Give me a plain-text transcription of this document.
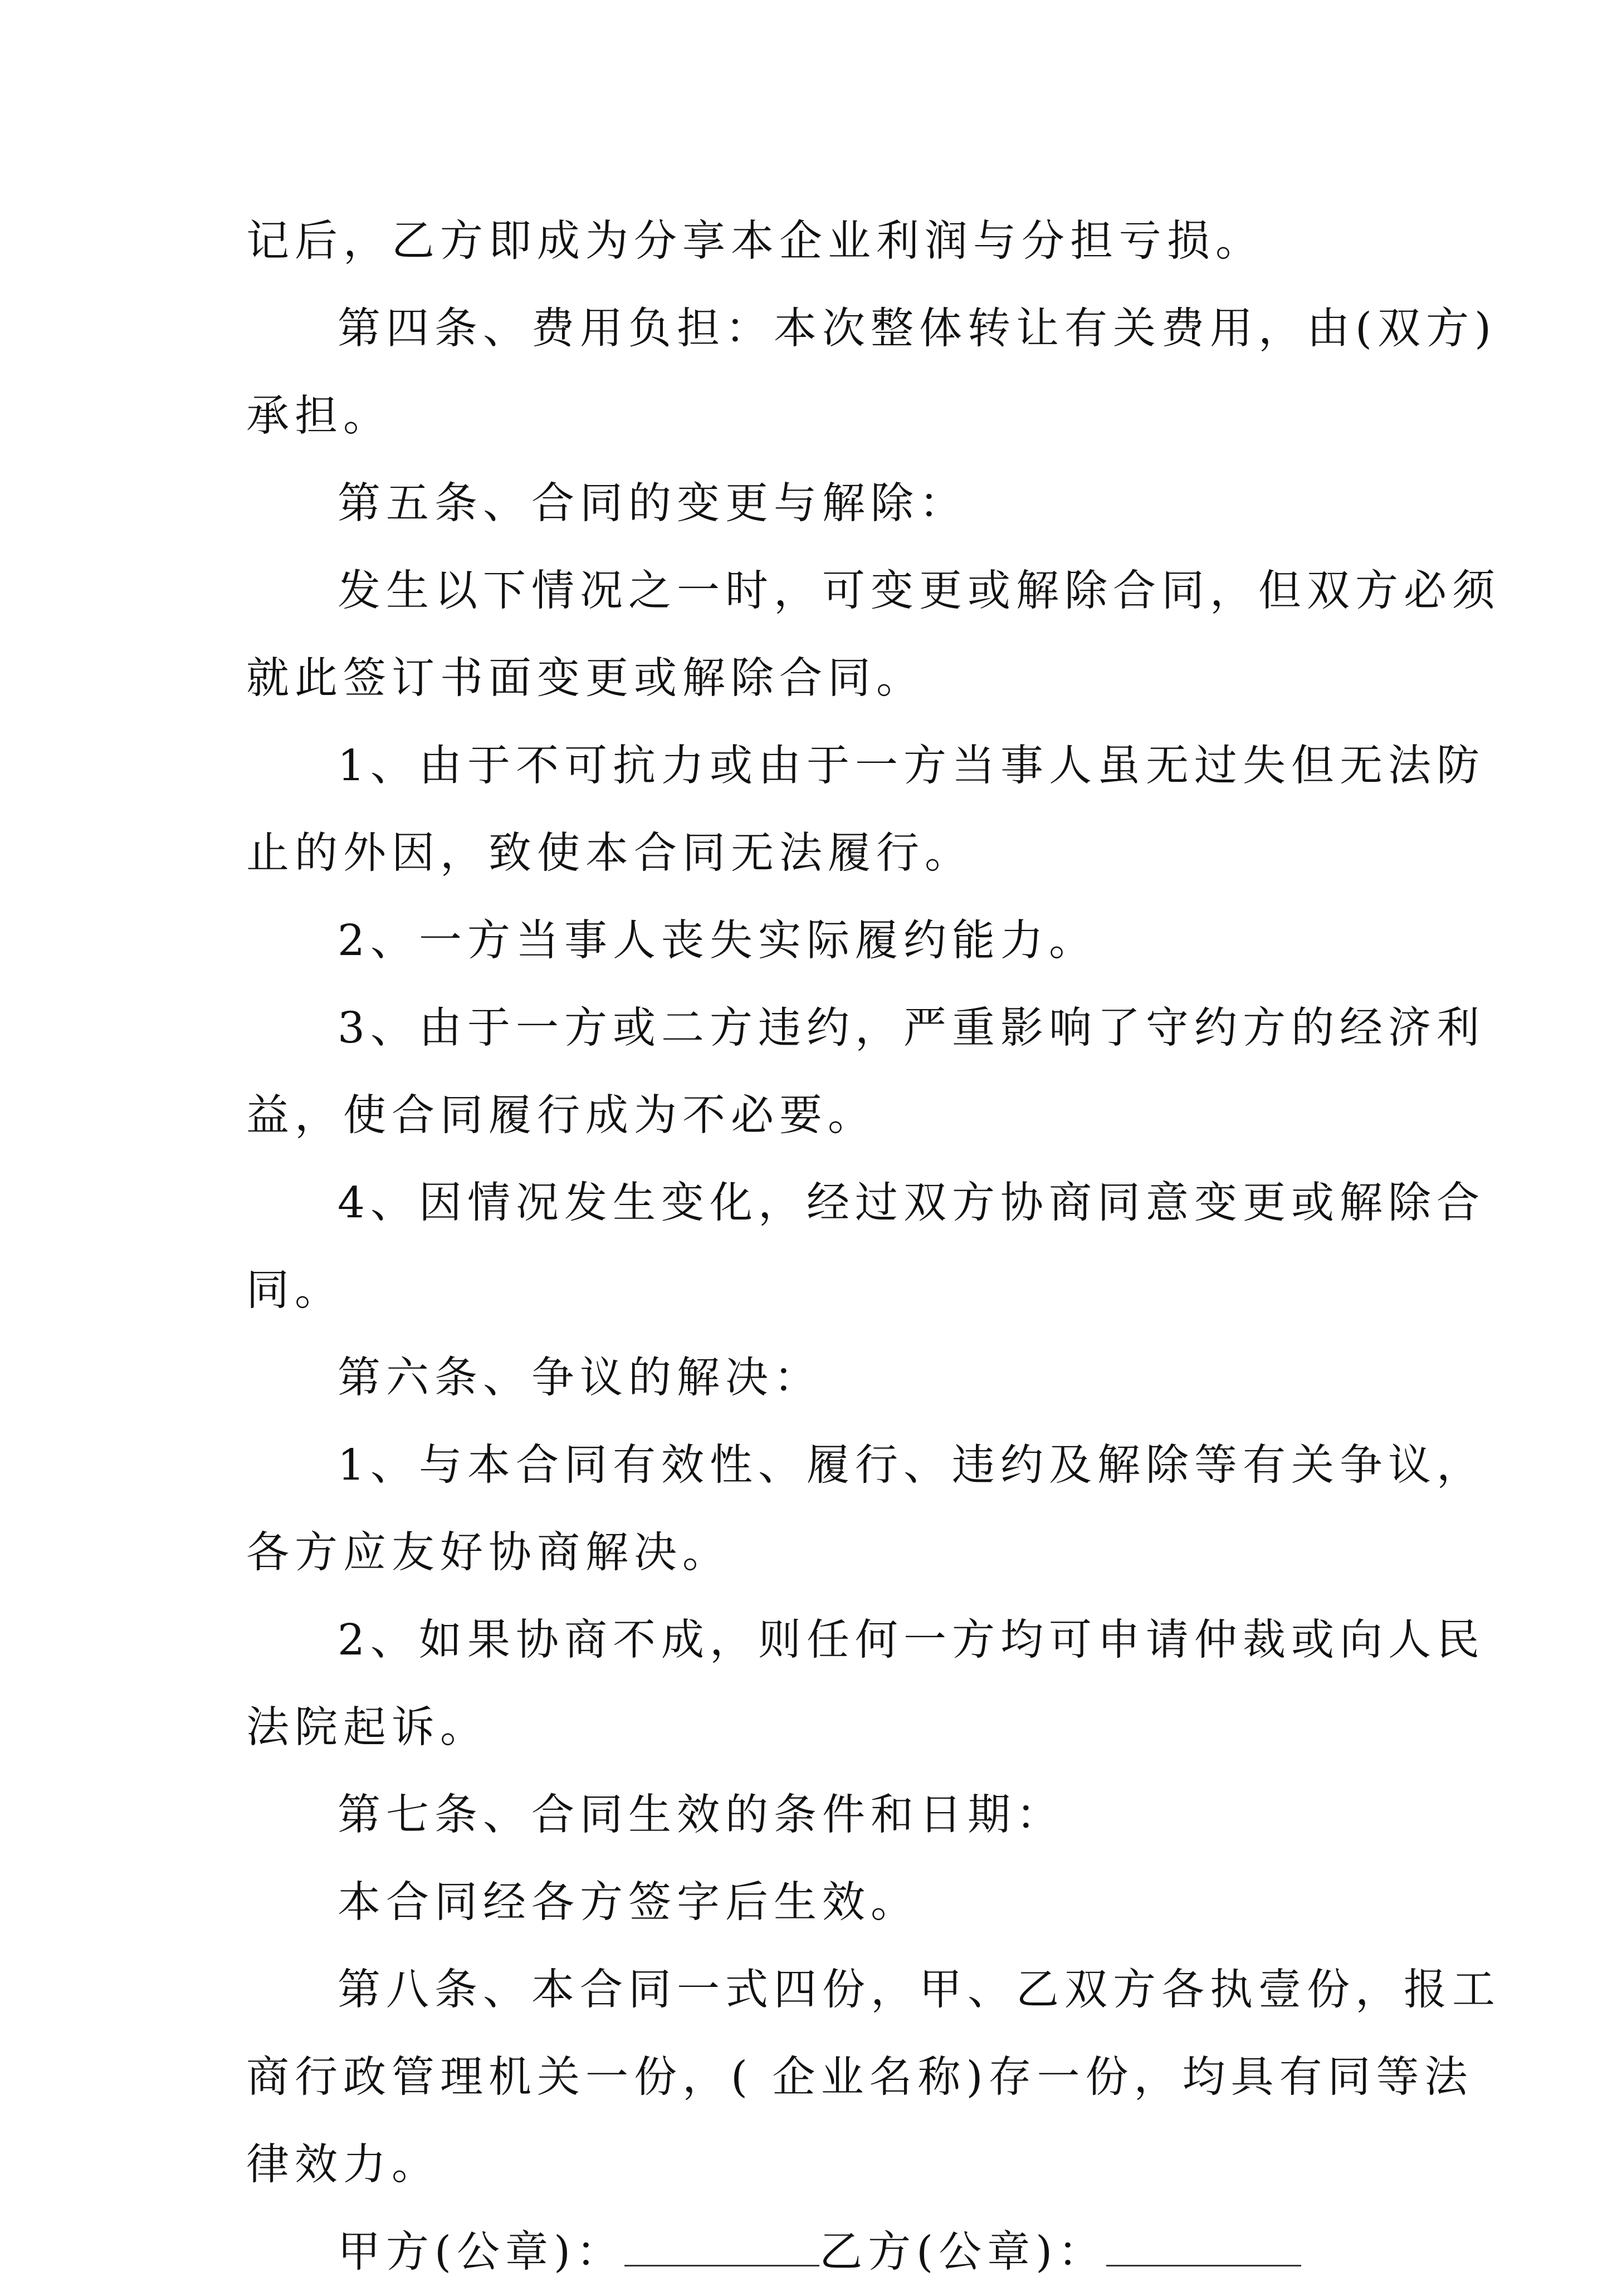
记后，乙方即成为分享本企业利润与分担亏损。

第四条、费用负担：本次整体转让有关费用，由(双方)

承担。

第五条、合同的变更与解除：

发生以下情况之一时，可变更或解除合同，但双方必须

就此签订书面变更或解除合同。

1、由于不可抗力或由于一方当事人虽无过失但无法防

止的外因，致使本合同无法履行。

2、一方当事人丧失实际履约能力。

3、由于一方或二方违约，严重影响了守约方的经济利

益，使合同履行成为不必要。

4、因情况发生变化，经过双方协商同意变更或解除合

同。

第六条、争议的解决：

1、与本合同有效性、履行、违约及解除等有关争议，

各方应友好协商解决。

2、如果协商不成，则任何一方均可申请仲裁或向人民

法院起诉。

第七条、合同生效的条件和日期：

本合同经各方签字后生效。

第八条、本合同一式四份，甲、乙双方各执壹份，报工

商行政管理机关一份，( 企业名称)存一份，均具有同等法

律效力。

甲方(公章)：	乙方(公章)：
